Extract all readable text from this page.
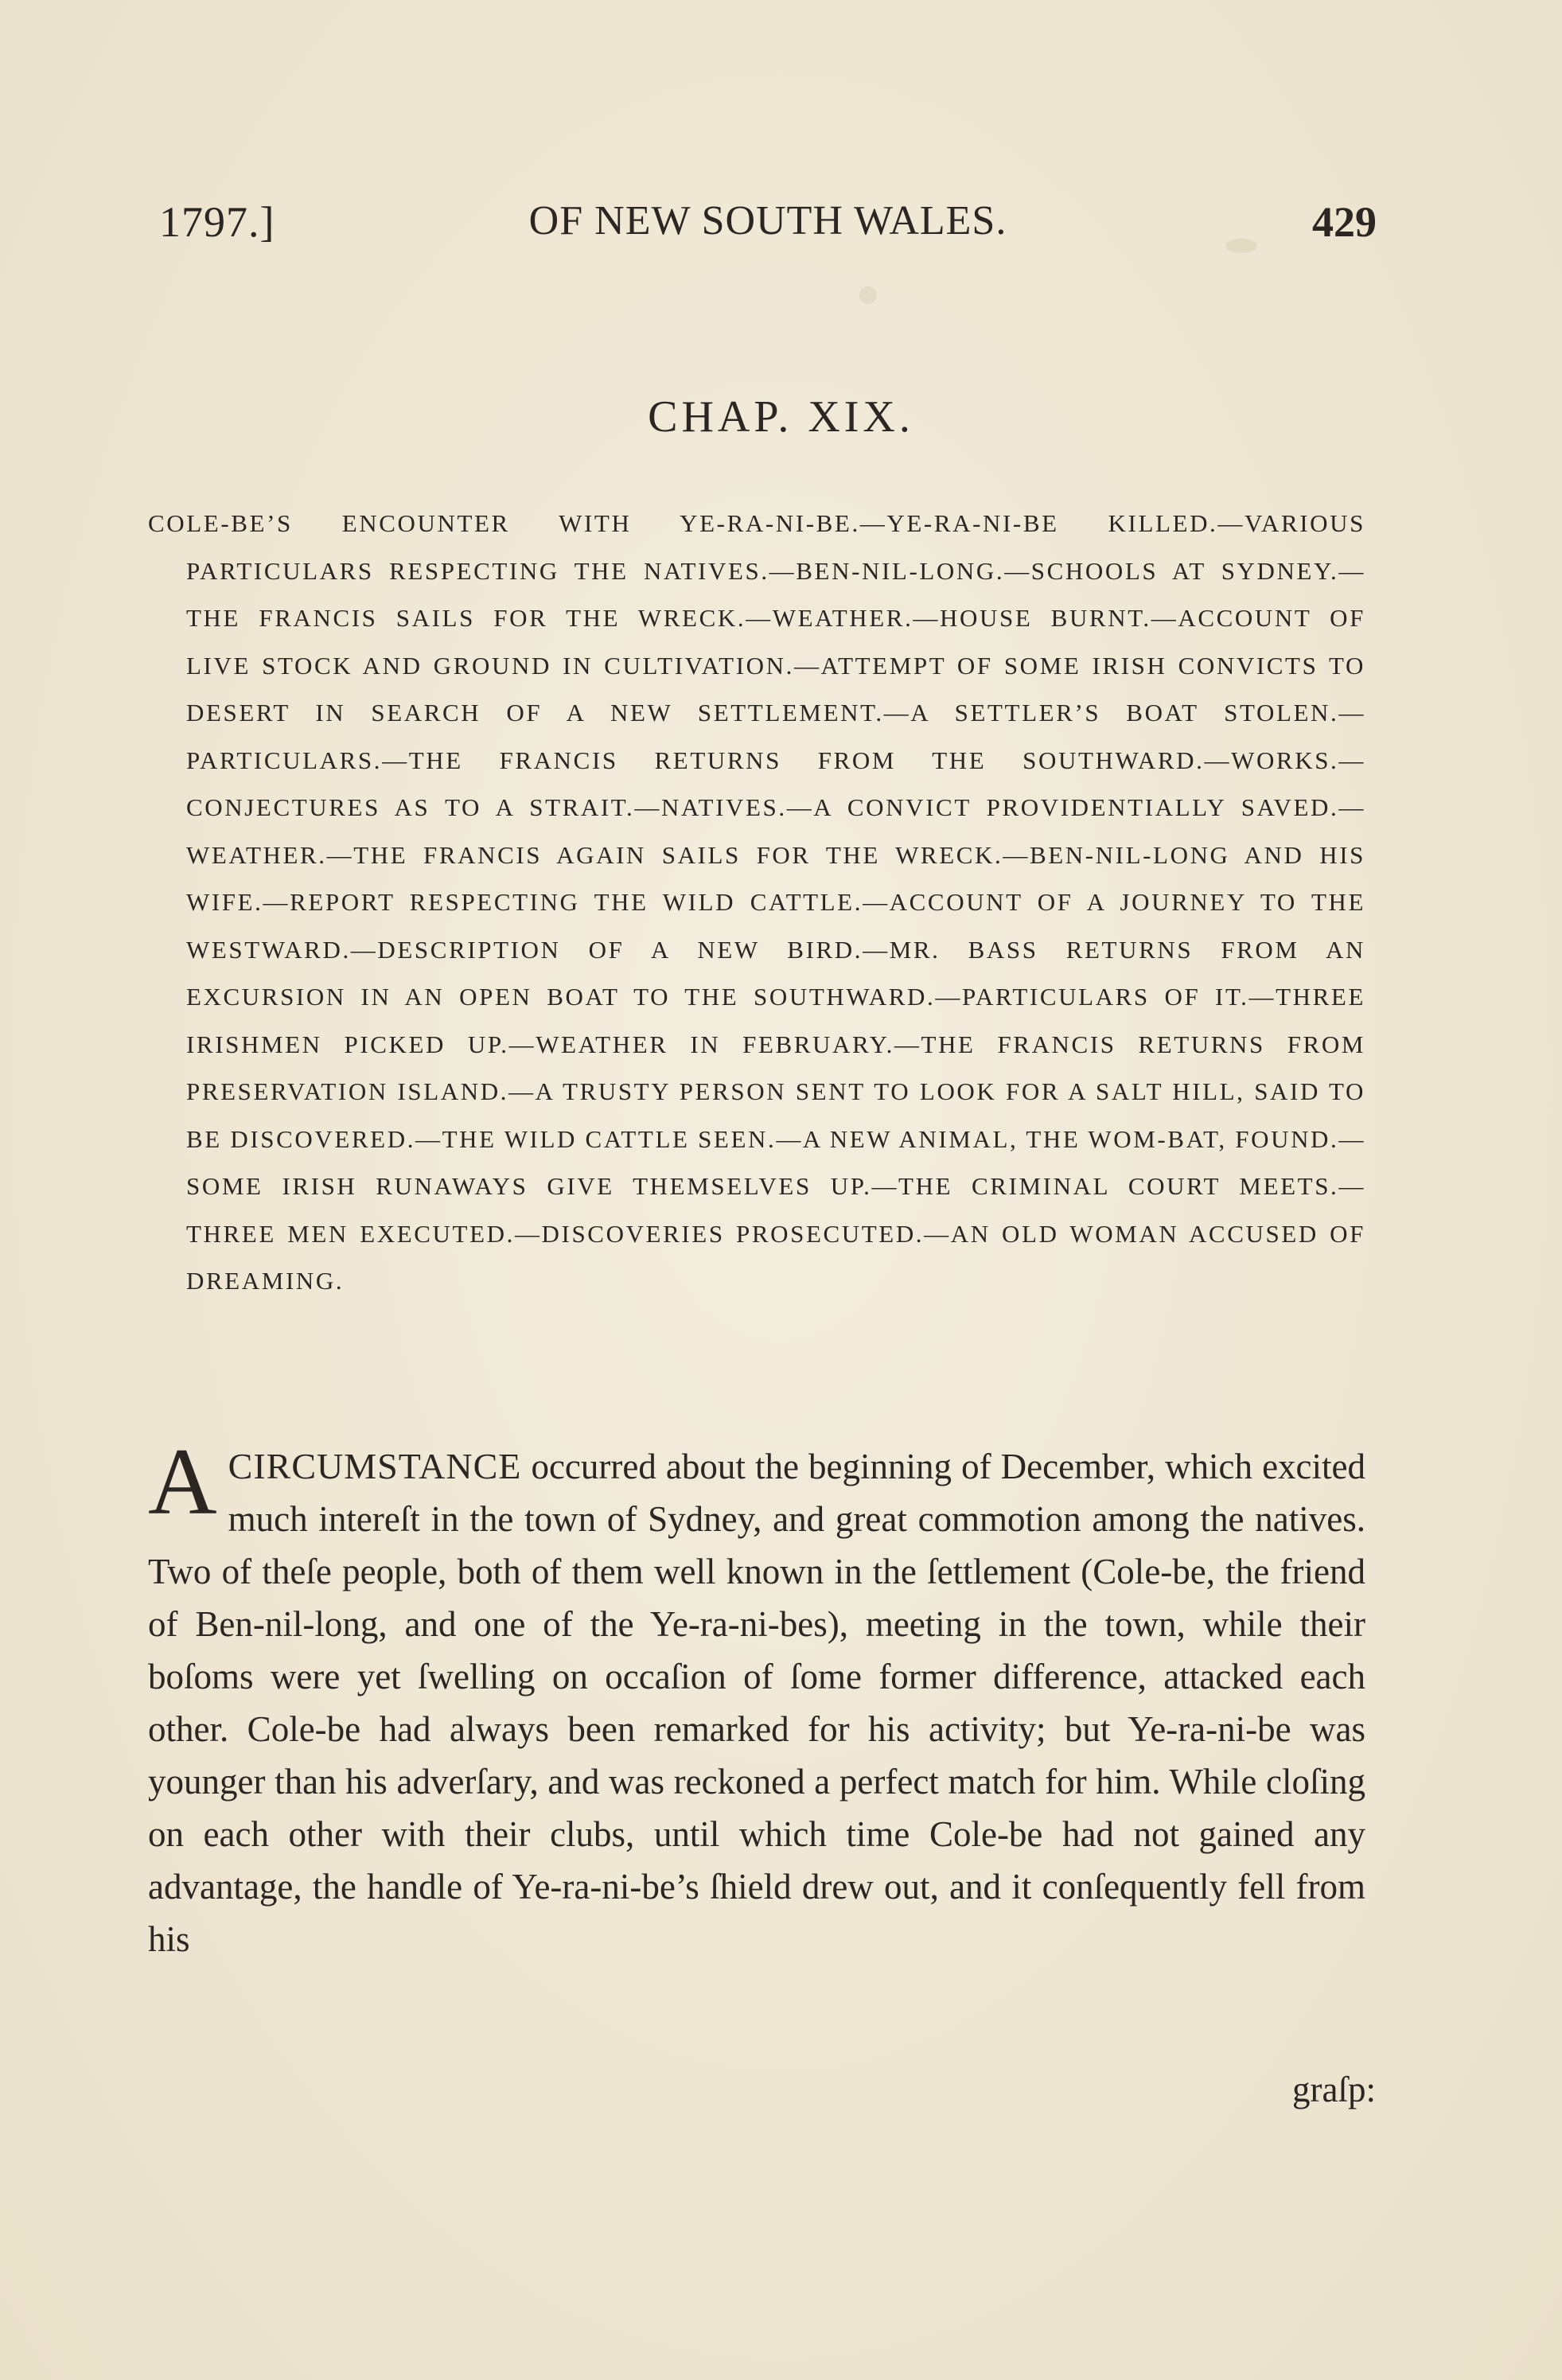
1797.]	OF NEW SOUTH WALES.	429
CHAP. XIX.
COLE-BE’S ENCOUNTER WITH YE-RA-NI-BE.—YE-RA-NI-BE KILLED.—VARIOUS PARTICULARS RESPECTING THE NATIVES.—BEN-NIL-LONG.—SCHOOLS AT SYDNEY.—THE FRANCIS SAILS FOR THE WRECK.—WEATHER.—HOUSE BURNT.—ACCOUNT OF LIVE STOCK AND GROUND IN CULTIVATION.—ATTEMPT OF SOME IRISH CONVICTS TO DESERT IN SEARCH OF A NEW SETTLEMENT.—A SETTLER’S BOAT STOLEN.—PARTICULARS.—THE FRANCIS RETURNS FROM THE SOUTHWARD.—WORKS.—CONJECTURES AS TO A STRAIT.—NATIVES.—A CONVICT PROVIDENTIALLY SAVED.—WEATHER.—THE FRANCIS AGAIN SAILS FOR THE WRECK.—BEN-NIL-LONG AND HIS WIFE.—REPORT RESPECTING THE WILD CATTLE.—ACCOUNT OF A JOURNEY TO THE WESTWARD.—DESCRIPTION OF A NEW BIRD.—MR. BASS RETURNS FROM AN EXCURSION IN AN OPEN BOAT TO THE SOUTHWARD.—PARTICULARS OF IT.—THREE IRISHMEN PICKED UP.—WEATHER IN FEBRUARY.—THE FRANCIS RETURNS FROM PRESERVATION ISLAND.—A TRUSTY PERSON SENT TO LOOK FOR A SALT HILL, SAID TO BE DISCOVERED.—THE WILD CATTLE SEEN.—A NEW ANIMAL, THE WOM-BAT, FOUND.—SOME IRISH RUNAWAYS GIVE THEMSELVES UP.—THE CRIMINAL COURT MEETS.—THREE MEN EXECUTED.—DISCOVERIES PROSECUTED.—AN OLD WOMAN ACCUSED OF DREAMING.
ACIRCUMSTANCE occurred about the beginning of December, which excited much intereſt in the town of Sydney, and great commotion among the natives. Two of theſe people, both of them well known in the ſettlement (Cole-be, the friend of Ben-nil-long, and one of the Ye-ra-ni-bes), meeting in the town, while their boſoms were yet ſwelling on occaſion of ſome former difference, attacked each other. Cole-be had always been remarked for his activity; but Ye-ra-ni-be was younger than his adverſary, and was reckoned a perfect match for him. While cloſing on each other with their clubs, until which time Cole-be had not gained any advantage, the handle of Ye-ra-ni-be’s ſhield drew out, and it conſequently fell from his
graſp:
